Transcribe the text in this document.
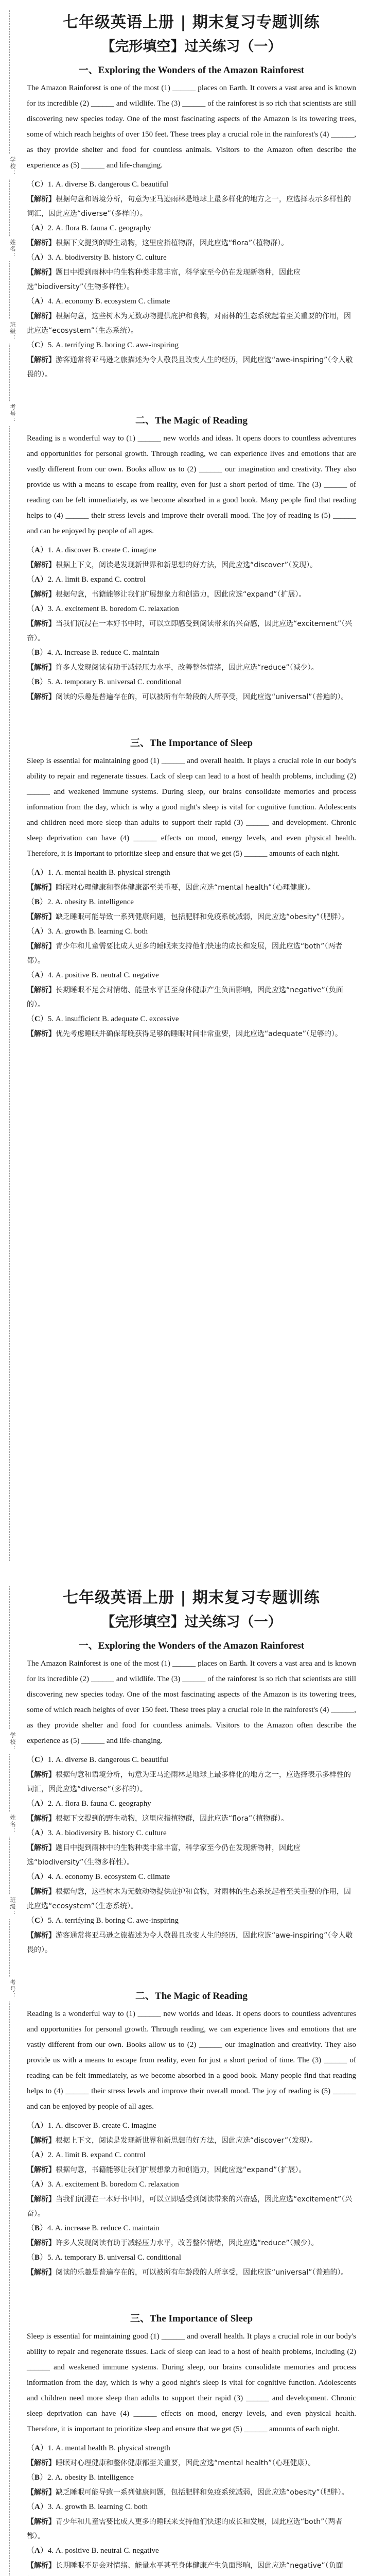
学校：
姓名：
班级：
考号：
七年级英语上册 | 期末复习专题训练
【完形填空】过关练习（一）
一、Exploring the Wonders of the Amazon Rainforest

The Amazon Rainforest is one of the most (1) ______ places on Earth. It covers a vast area and is known for its incredible (2) ______ and wildlife. The (3) ______ of the rainforest is so rich that scientists are still discovering new species today. One of the most fascinating aspects of the Amazon is its towering trees, some of which reach heights of over 150 feet. These trees play a crucial role in the rainforest's (4) ______, as they provide shelter and food for countless animals. Visitors to the Amazon often describe the experience as (5) ______ and life-changing.

（C）1. A. diverse B. dangerous C. beautiful
【解析】根据句意和语境分析，句意为亚马逊雨林是地球上最多样化的地方之一，应选择表示多样性的词汇，因此应选“diverse”（多样的）。
（A）2. A. flora B. fauna C. geography
【解析】根据下文提到的野生动物，这里应指植物群，因此应选“flora”（植物群）。
（A）3. A. biodiversity B. history C. culture
【解析】题目中提到雨林中的生物种类非常丰富，科学家至今仍在发现新物种，因此应选“biodiversity”（生物多样性）。
（A）4. A. economy B. ecosystem C. climate
【解析】根据句意，这些树木为无数动物提供庇护和食物，对雨林的生态系统起着至关重要的作用，因此应选“ecosystem”（生态系统）。
（C）5. A. terrifying B. boring C. awe-inspiring
【解析】游客通常将亚马逊之旅描述为令人敬畏且改变人生的经历，因此应选“awe-inspiring”（令人敬畏的）。
二、The Magic of Reading

Reading is a wonderful way to (1) ______ new worlds and ideas. It opens doors to countless adventures and opportunities for personal growth. Through reading, we can experience lives and emotions that are vastly different from our own. Books allow us to (2) ______ our imagination and creativity. They also provide us with a means to escape from reality, even for just a short period of time. The (3) ______ of reading can be felt immediately, as we become absorbed in a good book. Many people find that reading helps to (4) ______ their stress levels and improve their overall mood. The joy of reading is (5) ______ and can be enjoyed by people of all ages.

（A）1. A. discover B. create C. imagine
【解析】根据上下文，阅读是发现新世界和新思想的好方法，因此应选“discover”（发现）。
（A）2. A. limit B. expand C. control
【解析】根据句意，书籍能够让我们扩展想象力和创造力，因此应选“expand”（扩展）。
（A）3. A. excitement B. boredom C. relaxation
【解析】当我们沉浸在一本好书中时，可以立即感受到阅读带来的兴奋感，因此应选“excitement”（兴奋）。
（B）4. A. increase B. reduce C. maintain
【解析】许多人发现阅读有助于减轻压力水平，改善整体情绪，因此应选“reduce”（减少）。
（B）5. A. temporary B. universal C. conditional
【解析】阅读的乐趣是普遍存在的，可以被所有年龄段的人所享受，因此应选“universal”（普遍的）。
三、The Importance of Sleep

Sleep is essential for maintaining good (1) ______ and overall health. It plays a crucial role in our body's ability to repair and regenerate tissues. Lack of sleep can lead to a host of health problems, including (2) ______ and weakened immune systems. During sleep, our brains consolidate memories and process information from the day, which is why a good night's sleep is vital for cognitive function. Adolescents and children need more sleep than adults to support their rapid (3) ______ and development. Chronic sleep deprivation can have (4) ______ effects on mood, energy levels, and even physical health. Therefore, it is important to prioritize sleep and ensure that we get (5) ______ amounts of each night.

（A）1. A. mental health B. physical strength
【解析】睡眠对心理健康和整体健康都至关重要，因此应选“mental health”（心理健康）。
（B）2. A. obesity B. intelligence
【解析】缺乏睡眠可能导致一系列健康问题，包括肥胖和免疫系统减弱，因此应选“obesity”（肥胖）。
（A）3. A. growth B. learning C. both
【解析】青少年和儿童需要比成人更多的睡眠来支持他们快速的成长和发展，因此应选“both”（两者都）。
（A）4. A. positive B. neutral C. negative
【解析】长期睡眠不足会对情绪、能量水平甚至身体健康产生负面影响，因此应选“negative”（负面的）。
（C）5. A. insufficient B. adequate C. excessive
【解析】优先考虑睡眠并确保每晚获得足够的睡眠时间非常重要，因此应选“adequate”（足够的）。
学校：
姓名：
班级：
考号：
七年级英语上册 | 期末复习专题训练
【完形填空】过关练习（一）
一、Exploring the Wonders of the Amazon Rainforest

The Amazon Rainforest is one of the most (1) ______ places on Earth. It covers a vast area and is known for its incredible (2) ______ and wildlife. The (3) ______ of the rainforest is so rich that scientists are still discovering new species today. One of the most fascinating aspects of the Amazon is its towering trees, some of which reach heights of over 150 feet. These trees play a crucial role in the rainforest's (4) ______, as they provide shelter and food for countless animals. Visitors to the Amazon often describe the experience as (5) ______ and life-changing.

（C）1. A. diverse B. dangerous C. beautiful
【解析】根据句意和语境分析，句意为亚马逊雨林是地球上最多样化的地方之一，应选择表示多样性的词汇，因此应选“diverse”（多样的）。
（A）2. A. flora B. fauna C. geography
【解析】根据下文提到的野生动物，这里应指植物群，因此应选“flora”（植物群）。
（A）3. A. biodiversity B. history C. culture
【解析】题目中提到雨林中的生物种类非常丰富，科学家至今仍在发现新物种，因此应选“biodiversity”（生物多样性）。
（A）4. A. economy B. ecosystem C. climate
【解析】根据句意，这些树木为无数动物提供庇护和食物，对雨林的生态系统起着至关重要的作用，因此应选“ecosystem”（生态系统）。
（C）5. A. terrifying B. boring C. awe-inspiring
【解析】游客通常将亚马逊之旅描述为令人敬畏且改变人生的经历，因此应选“awe-inspiring”（令人敬畏的）。
二、The Magic of Reading

Reading is a wonderful way to (1) ______ new worlds and ideas. It opens doors to countless adventures and opportunities for personal growth. Through reading, we can experience lives and emotions that are vastly different from our own. Books allow us to (2) ______ our imagination and creativity. They also provide us with a means to escape from reality, even for just a short period of time. The (3) ______ of reading can be felt immediately, as we become absorbed in a good book. Many people find that reading helps to (4) ______ their stress levels and improve their overall mood. The joy of reading is (5) ______ and can be enjoyed by people of all ages.

（A）1. A. discover B. create C. imagine
【解析】根据上下文，阅读是发现新世界和新思想的好方法，因此应选“discover”（发现）。
（A）2. A. limit B. expand C. control
【解析】根据句意，书籍能够让我们扩展想象力和创造力，因此应选“expand”（扩展）。
（A）3. A. excitement B. boredom C. relaxation
【解析】当我们沉浸在一本好书中时，可以立即感受到阅读带来的兴奋感，因此应选“excitement”（兴奋）。
（B）4. A. increase B. reduce C. maintain
【解析】许多人发现阅读有助于减轻压力水平，改善整体情绪，因此应选“reduce”（减少）。
（B）5. A. temporary B. universal C. conditional
【解析】阅读的乐趣是普遍存在的，可以被所有年龄段的人所享受，因此应选“universal”（普遍的）。
三、The Importance of Sleep

Sleep is essential for maintaining good (1) ______ and overall health. It plays a crucial role in our body's ability to repair and regenerate tissues. Lack of sleep can lead to a host of health problems, including (2) ______ and weakened immune systems. During sleep, our brains consolidate memories and process information from the day, which is why a good night's sleep is vital for cognitive function. Adolescents and children need more sleep than adults to support their rapid (3) ______ and development. Chronic sleep deprivation can have (4) ______ effects on mood, energy levels, and even physical health. Therefore, it is important to prioritize sleep and ensure that we get (5) ______ amounts of each night.

（A）1. A. mental health B. physical strength
【解析】睡眠对心理健康和整体健康都至关重要，因此应选“mental health”（心理健康）。
（B）2. A. obesity B. intelligence
【解析】缺乏睡眠可能导致一系列健康问题，包括肥胖和免疫系统减弱，因此应选“obesity”（肥胖）。
（A）3. A. growth B. learning C. both
【解析】青少年和儿童需要比成人更多的睡眠来支持他们快速的成长和发展，因此应选“both”（两者都）。
（A）4. A. positive B. neutral C. negative
【解析】长期睡眠不足会对情绪、能量水平甚至身体健康产生负面影响，因此应选“negative”（负面
